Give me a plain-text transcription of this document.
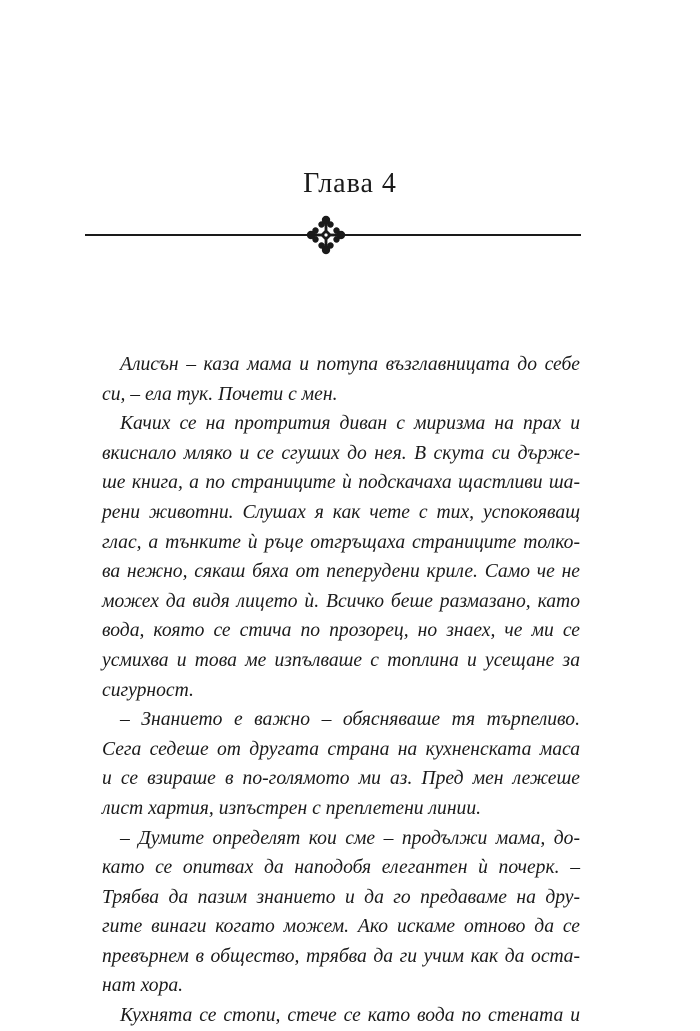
Глава 4
Алисън – каза мама и потупа възглавницата до себе
си, – ела тук. Почети с мен.
Качих се на протрития диван с миризма на прах и
вкиснало мляко и се сгуших до нея. В скута си държе-
ше книга, а по страниците ѝ подскачаха щастливи ша-
рени животни. Слушах я как чете с тих, успокояващ
глас, а тънките ѝ ръце отгръщаха страниците толко-
ва нежно, сякаш бяха от пеперудени криле. Само че не
можех да видя лицето ѝ. Всичко беше размазано, като
вода, която се стича по прозорец, но знаех, че ми се
усмихва и това ме изпълваше с топлина и усещане за
сигурност.
– Знанието е важно – обясняваше тя търпеливо.
Сега седеше от другата страна на кухненската маса
и се взираше в по-голямото ми аз. Пред мен лежеше
лист хартия, изпъстрен с преплетени линии.
– Думите определят кои сме – продължи мама, до-
като се опитвах да наподобя елегантен ѝ почерк. –
Трябва да пазим знанието и да го предаваме на дру-
гите винаги когато можем. Ако искаме отново да се
превърнем в общество, трябва да ги учим как да остa-
нат хора.
Кухнята се стопи, стече се като вода по стената и
